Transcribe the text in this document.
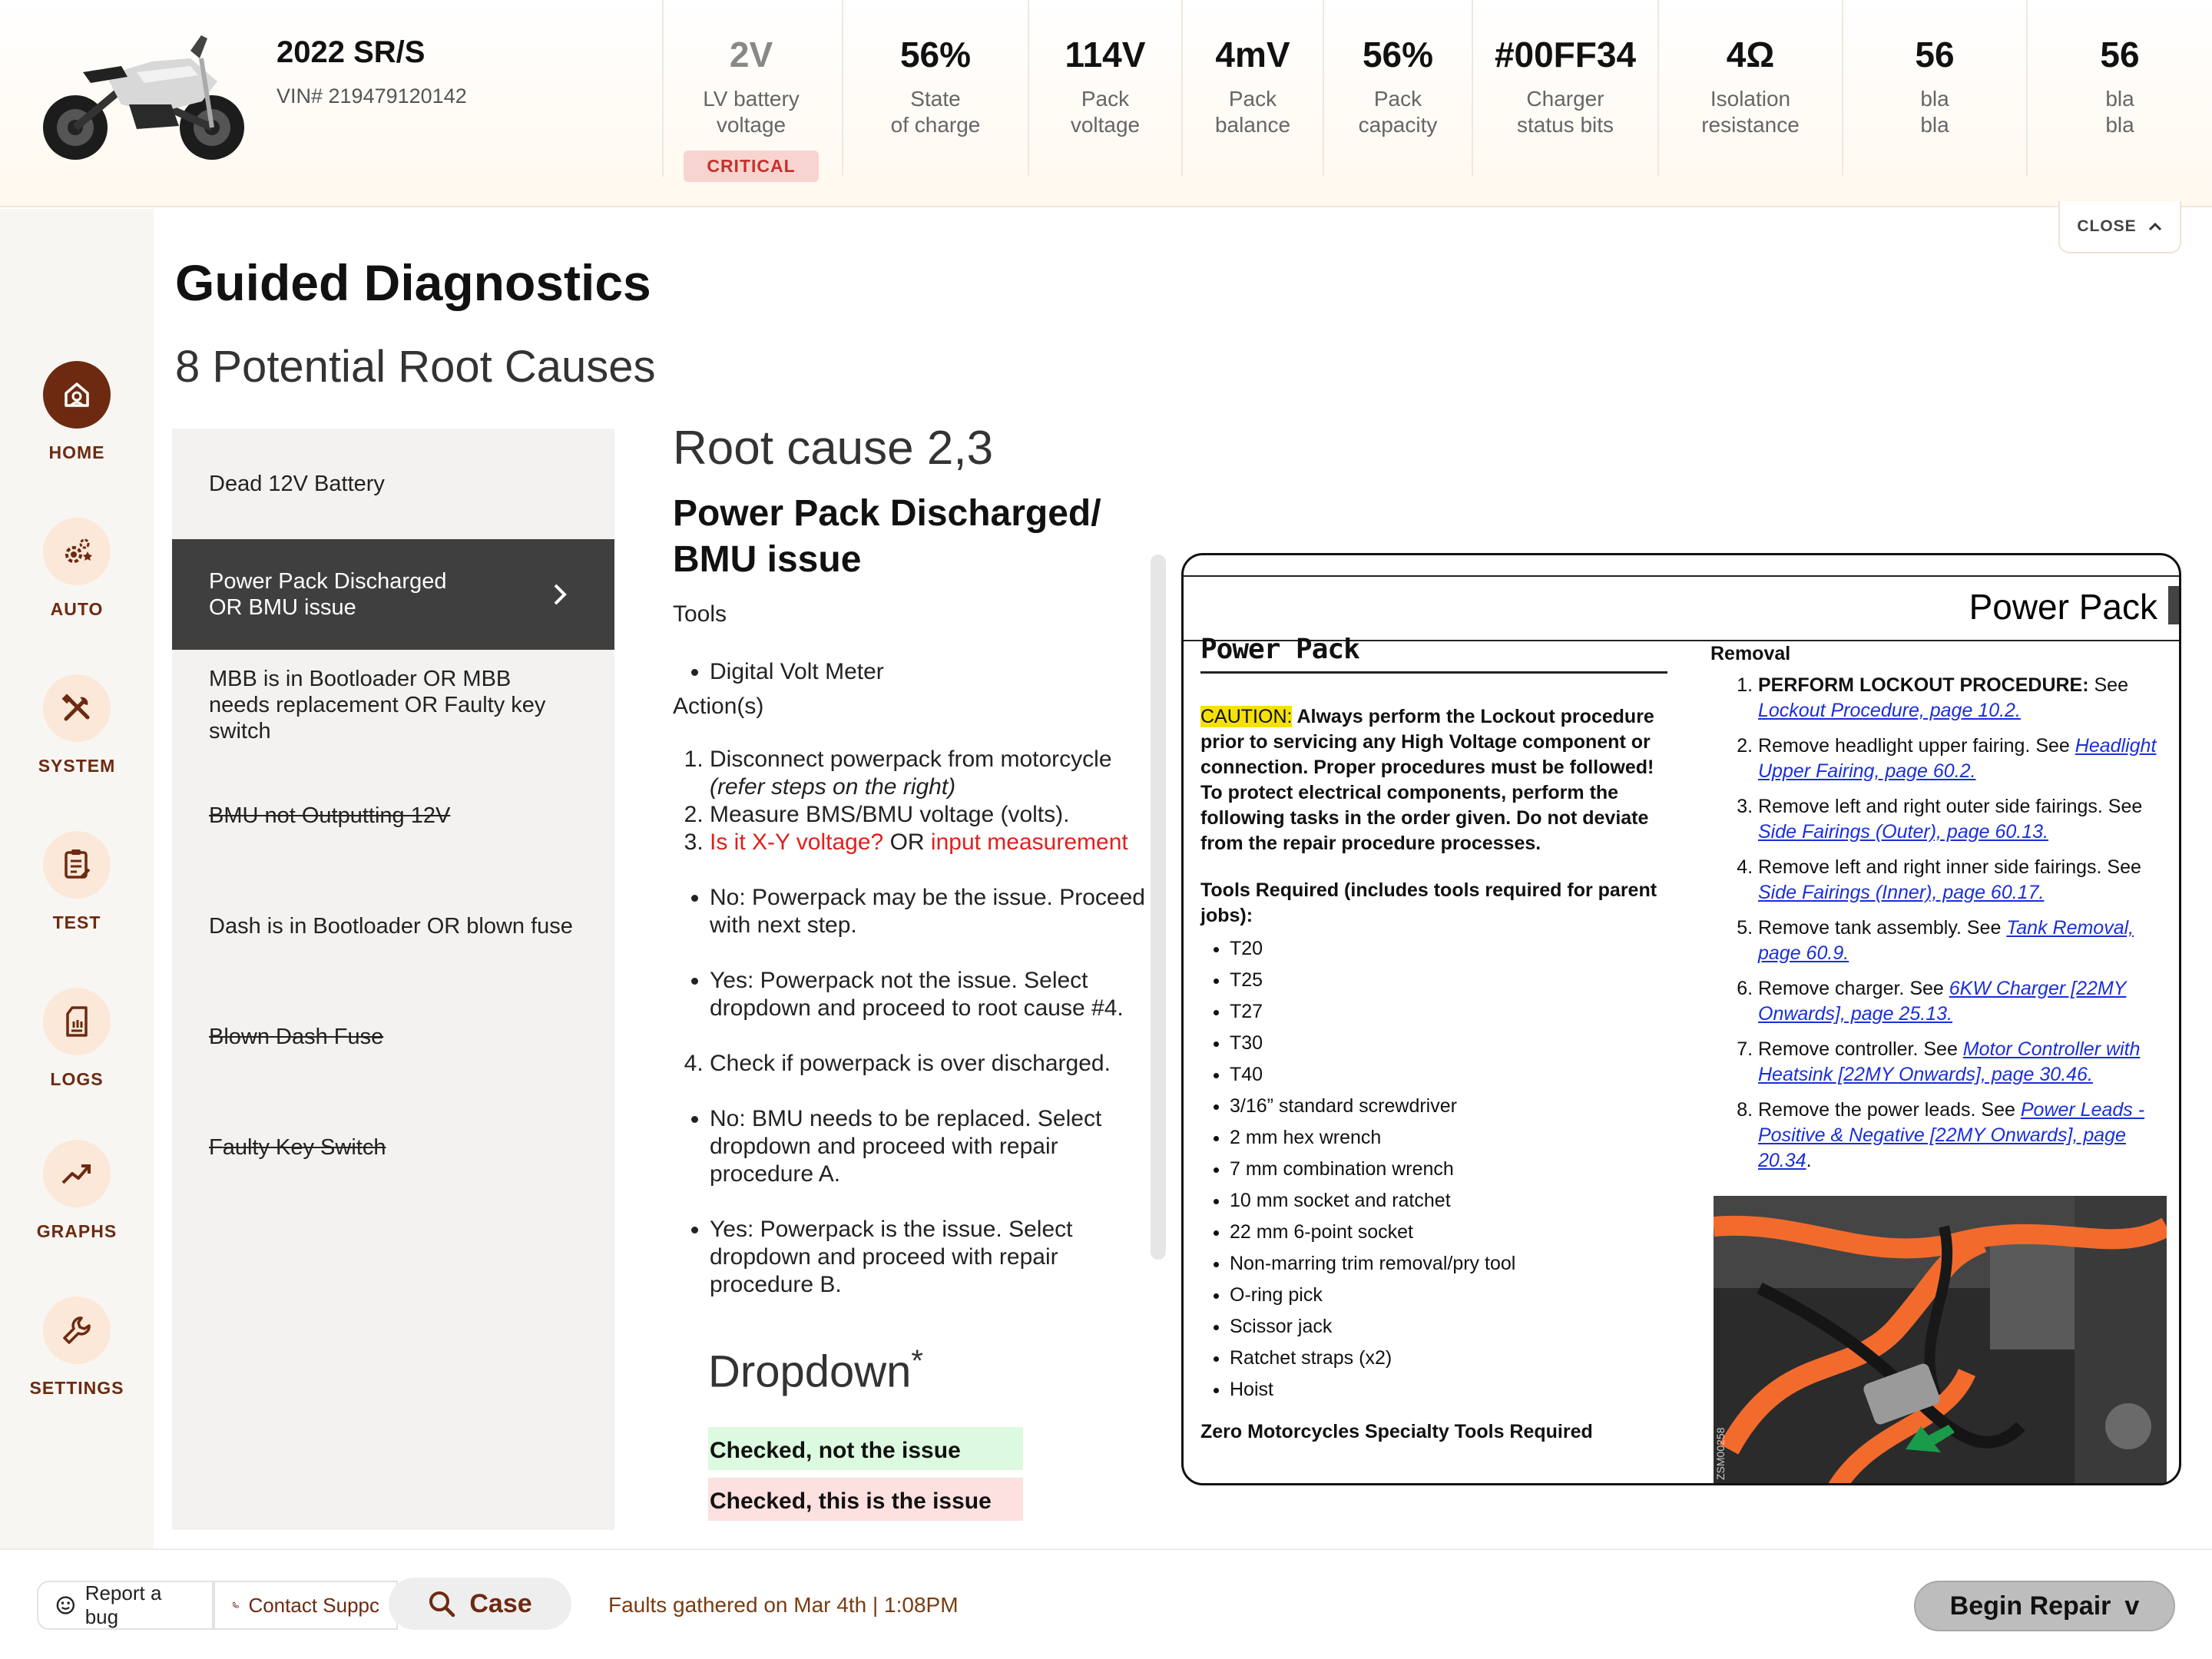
2022 SR/S
VIN# 219479120142
2V
LV battery
voltage
CRITICAL
56%
State
of charge
114V
Pack
voltage
4mV
Pack
balance
56%
Pack
capacity
#00FF34
Charger
status bits
4Ω
Isolation
resistance
56
bla
bla
56
bla
bla
CLOSE
HOME
AUTO
SYSTEM
TEST
LOGS
GRAPHS
SETTINGS
Guided Diagnostics
8 Potential Root Causes
Dead 12V Battery
Power Pack Discharged OR BMU issue
MBB is in Bootloader OR MBB needs replacement OR Faulty key switch
BMU not Outputting 12V
Dash is in Bootloader OR blown fuse
Blown Dash Fuse
Faulty Key Switch
Root cause 2,3
Power Pack Discharged/ BMU issue
Tools
• Digital Volt Meter
Action(s)
1. Disconnect powerpack from motorcycle
(refer steps on the right)
2. Measure BMS/BMU voltage (volts).
3. Is it X-Y voltage? OR input measurement
• No: Powerpack may be the issue. Proceed with next step.
• Yes: Powerpack not the issue. Select dropdown and proceed to root cause #4.
4. Check if powerpack is over discharged.
• No: BMU needs to be replaced. Select dropdown and proceed with repair procedure A.
• Yes: Powerpack is the issue. Select dropdown and proceed with repair procedure B.
Dropdown*
Checked, not the issue
Checked, this is the issue
Power Pack
Power Pack

CAUTION: Always perform the Lockout procedure prior to servicing any High Voltage component or connection. Proper procedures must be followed! To protect electrical components, perform the following tasks in the order given. Do not deviate from the repair procedure processes.

Tools Required (includes tools required for parent jobs):

• T20
• T25
• T27
• T30
• T40
• 3/16” standard screwdriver
• 2 mm hex wrench
• 7 mm combination wrench
• 10 mm socket and ratchet
• 22 mm 6-point socket
• Non-marring trim removal/pry tool
• O-ring pick
• Scissor jack
• Ratchet straps (x2)
• Hoist

Zero Motorcycles Specialty Tools Required

Removal

1. PERFORM LOCKOUT PROCEDURE: See Lockout Procedure, page 10.2.
2. Remove headlight upper fairing. See Headlight Upper Fairing, page 60.2.
3. Remove left and right outer side fairings. See Side Fairings (Outer), page 60.13.
4. Remove left and right inner side fairings. See Side Fairings (Inner), page 60.17.
5. Remove tank assembly. See Tank Removal, page 60.9.
6. Remove charger. See 6KW Charger [22MY Onwards], page 25.13.
7. Remove controller. See Motor Controller with Heatsink [22MY Onwards], page 30.46.
8. Remove the power leads. See Power Leads - Positive & Negative [22MY Onwards], page 20.34.
ZSM00258
Report a bug
Contact Suppc	Case	Faults gathered on Mar 4th | 1:08PM	Begin Repair v
